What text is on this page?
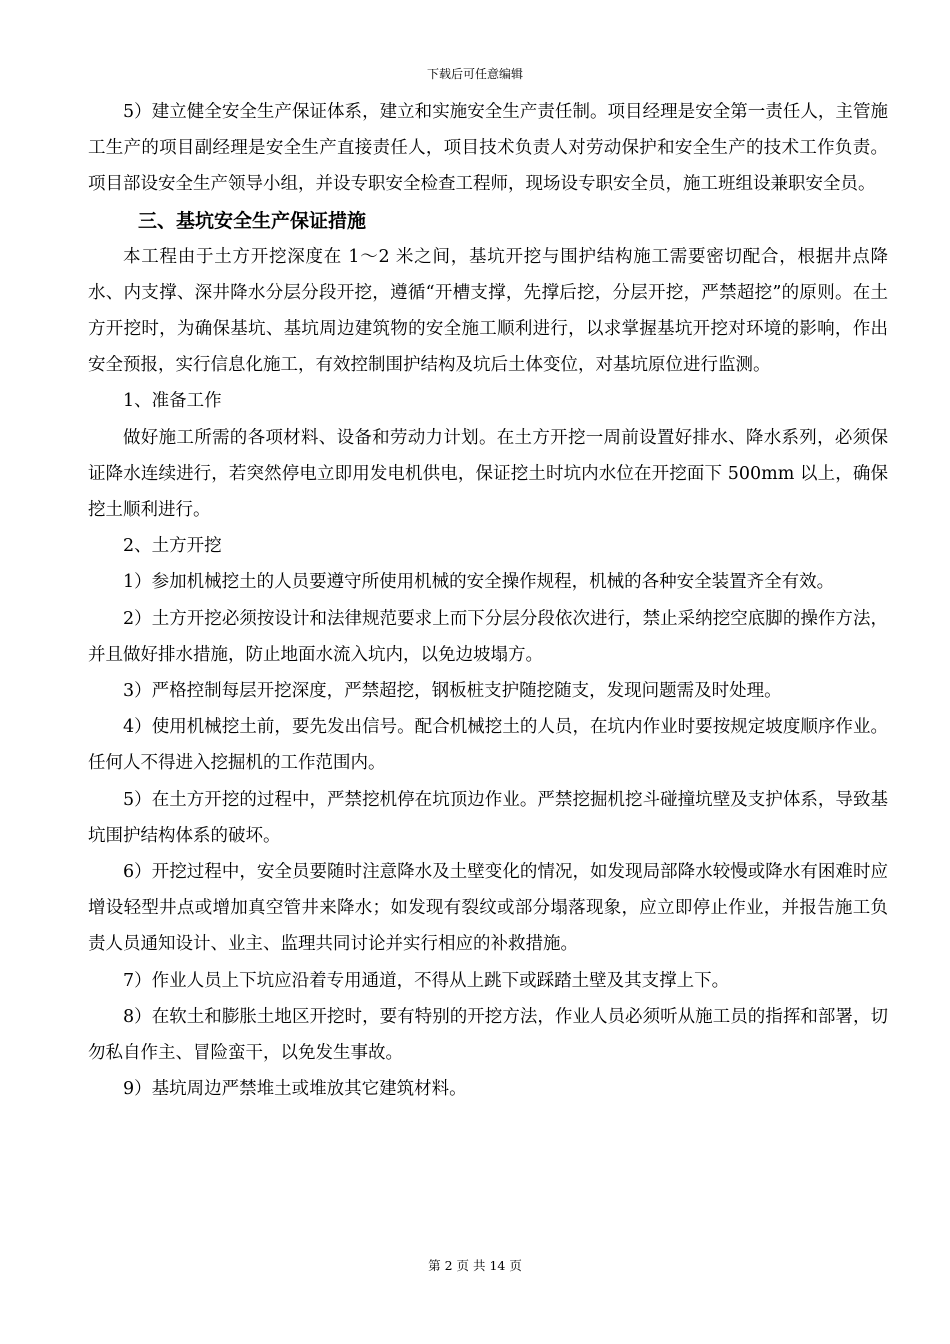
下载后可任意编辑

5）建立健全安全生产保证体系，建立和实施安全生产责任制。项目经理是安全第一责任人，主管施工生产的项目副经理是安全生产直接责任人，项目技术负责人对劳动保护和安全生产的技术工作负责。项目部设安全生产领导小组，并设专职安全检查工程师，现场设专职安全员，施工班组设兼职安全员。

三、基坑安全生产保证措施

本工程由于土方开挖深度在 1～2 米之间，基坑开挖与围护结构施工需要密切配合，根据井点降水、内支撑、深井降水分层分段开挖，遵循“开槽支撑，先撑后挖，分层开挖，严禁超挖”的原则。在土方开挖时，为确保基坑、基坑周边建筑物的安全施工顺利进行，以求掌握基坑开挖对环境的影响，作出安全预报，实行信息化施工，有效控制围护结构及坑后土体变位，对基坑原位进行监测。

1、准备工作

做好施工所需的各项材料、设备和劳动力计划。在土方开挖一周前设置好排水、降水系列，必须保证降水连续进行，若突然停电立即用发电机供电，保证挖土时坑内水位在开挖面下 500mm 以上，确保挖土顺利进行。

2、土方开挖

1）参加机械挖土的人员要遵守所使用机械的安全操作规程，机械的各种安全装置齐全有效。

2）土方开挖必须按设计和法律规范要求上而下分层分段依次进行，禁止采纳挖空底脚的操作方法，并且做好排水措施，防止地面水流入坑内，以免边坡塌方。

3）严格控制每层开挖深度，严禁超挖，钢板桩支护随挖随支，发现问题需及时处理。

4）使用机械挖土前，要先发出信号。配合机械挖土的人员，在坑内作业时要按规定坡度顺序作业。任何人不得进入挖掘机的工作范围内。

5）在土方开挖的过程中，严禁挖机停在坑顶边作业。严禁挖掘机挖斗碰撞坑壁及支护体系，导致基坑围护结构体系的破坏。

6）开挖过程中，安全员要随时注意降水及土壁变化的情况，如发现局部降水较慢或降水有困难时应增设轻型井点或增加真空管井来降水；如发现有裂纹或部分塌落现象，应立即停止作业，并报告施工负责人员通知设计、业主、监理共同讨论并实行相应的补救措施。

7）作业人员上下坑应沿着专用通道，不得从上跳下或踩踏土壁及其支撑上下。

8）在软土和膨胀土地区开挖时，要有特别的开挖方法，作业人员必须听从施工员的指挥和部署，切勿私自作主、冒险蛮干，以免发生事故。

9）基坑周边严禁堆土或堆放其它建筑材料。

第 2 页 共 14 页
